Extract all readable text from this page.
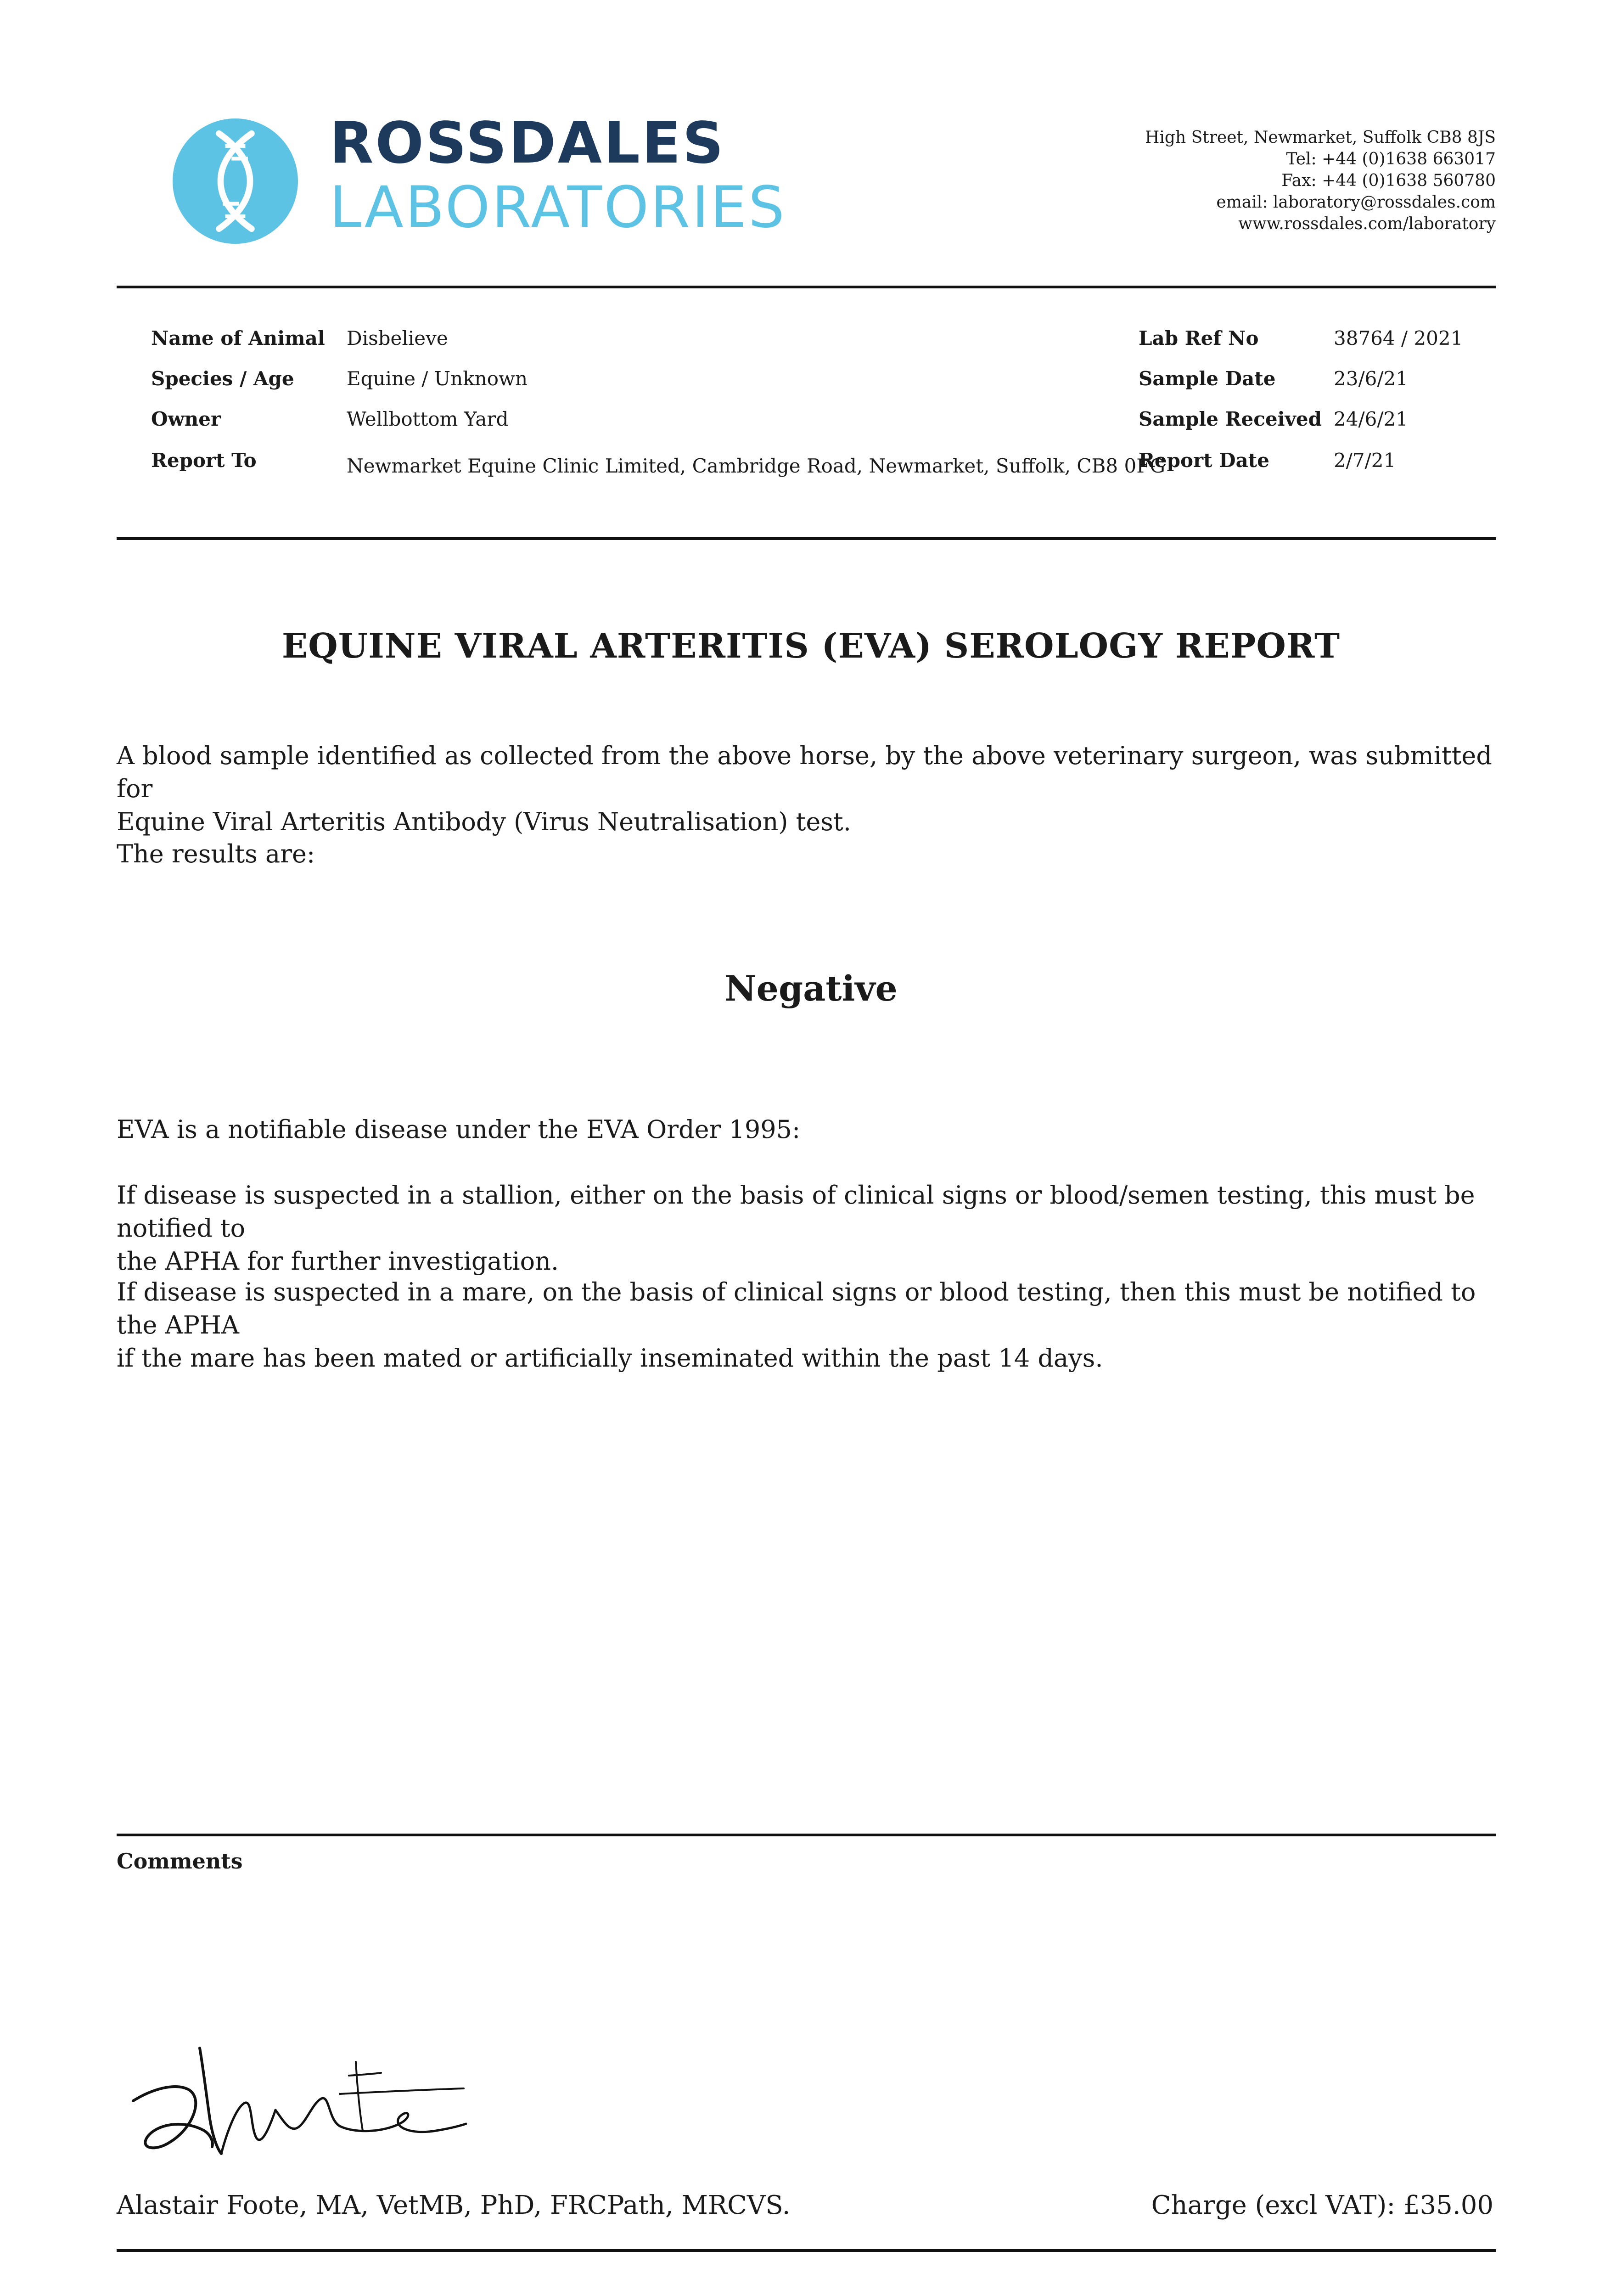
ROSSDALES
LABORATORIES
High Street, Newmarket, Suffolk CB8 8JS
Tel: +44 (0)1638 663017
Fax: +44 (0)1638 560780
email: laboratory@rossdales.com
www.rossdales.com/laboratory
Name of Animal Disbelieve
Species / Age	Equine / Unknown
Owner	Wellbottom Yard
Report To	Newmarket Equine Clinic Limited, Cambridge Road, Newmarket, Suffolk, CB8 0FG
Lab Ref No	38764 / 2021
Sample Date	23/6/21
Sample Received 24/6/21
Report Date	2/7/21
EQUINE VIRAL ARTERITIS (EVA) SEROLOGY REPORT
A blood sample identified as collected from the above horse, by the above veterinary surgeon, was submitted for
Equine Viral Arteritis Antibody (Virus Neutralisation) test.
The results are:
Negative
EVA is a notifiable disease under the EVA Order 1995:
If disease is suspected in a stallion, either on the basis of clinical signs or blood/semen testing, this must be notified to
the APHA for further investigation.
If disease is suspected in a mare, on the basis of clinical signs or blood testing, then this must be notified to the APHA
if the mare has been mated or artificially inseminated within the past 14 days.
Comments
Alastair Foote, MA, VetMB, PhD, FRCPath, MRCVS.	Charge (excl VAT): £35.00
